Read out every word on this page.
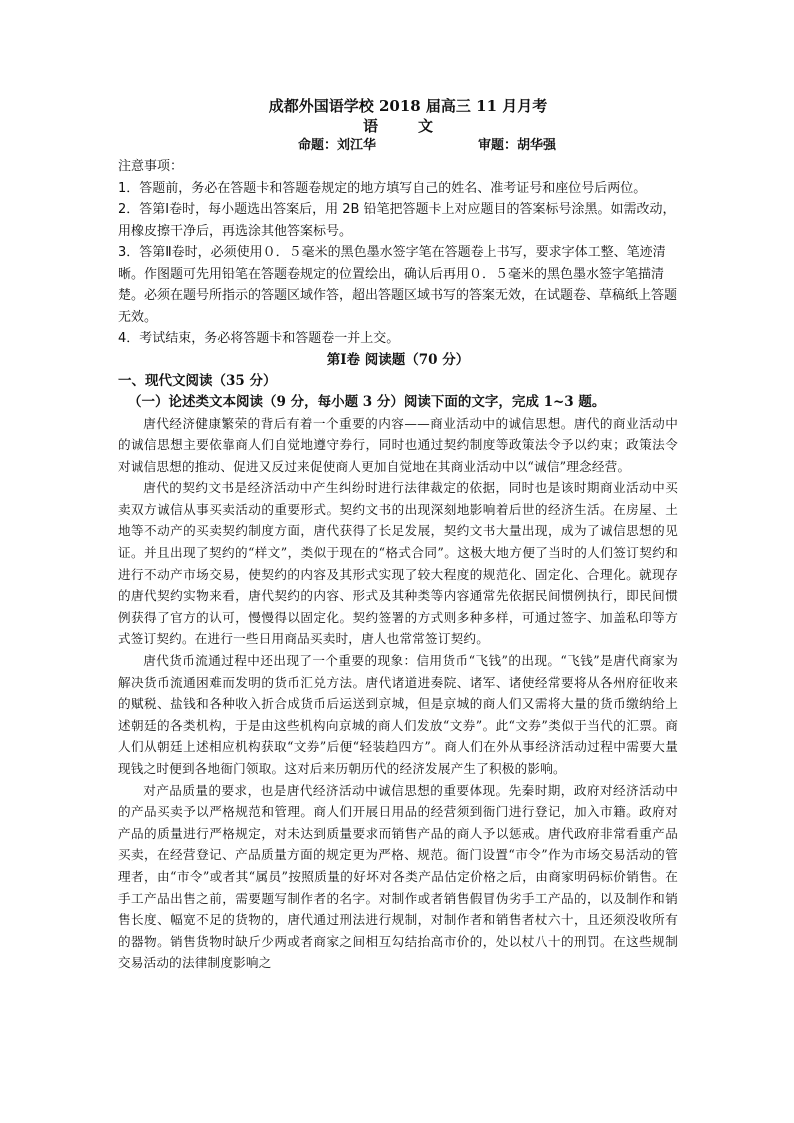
成都外国语学校 2018 届高三 11 月月考
语	文
命题：刘江华	审题：胡华强

注意事项：

1．答题前，务必在答题卡和答题卷规定的地方填写自己的姓名、准考证号和座位号后两位。

2．答第Ⅰ卷时，每小题选出答案后，用 2B 铅笔把答题卡上对应题目的答案标号涂黑。如需改动，用橡皮擦干净后，再选涂其他答案标号。

3．答第Ⅱ卷时，必须使用０．５毫米的黑色墨水签字笔在答题卷上书写，要求字体工整、笔迹清晰。作图题可先用铅笔在答题卷规定的位置绘出，确认后再用０．５毫米的黑色墨水签字笔描清楚。必须在题号所指示的答题区域作答，超出答题区域书写的答案无效，在试题卷、草稿纸上答题无效。

4．考试结束，务必将答题卡和答题卷一并上交。

第Ⅰ卷 阅读题（70 分）
一、现代文阅读（35 分）
（一）论述类文本阅读（9 分，每小题 3 分）阅读下面的文字，完成 1~3 题。

唐代经济健康繁荣的背后有着一个重要的内容——商业活动中的诚信思想。唐代的商业活动中的诚信思想主要依靠商人们自觉地遵守券行，同时也通过契约制度等政策法令予以约束；政策法令对诚信思想的推动、促进又反过来促使商人更加自觉地在其商业活动中以“诚信”理念经营。

唐代的契约文书是经济活动中产生纠纷时进行法律裁定的依据，同时也是该时期商业活动中买卖双方诚信从事买卖活动的重要形式。契约文书的出现深刻地影响着后世的经济生活。在房屋、土地等不动产的买卖契约制度方面，唐代获得了长足发展，契约文书大量出现，成为了诚信思想的见证。并且出现了契约的“样文”，类似于现在的“格式合同”。这极大地方便了当时的人们签订契约和进行不动产市场交易，使契约的内容及其形式实现了较大程度的规范化、固定化、合理化。就现存的唐代契约实物来看，唐代契约的内容、形式及其种类等内容通常先依据民间惯例执行，即民间惯例获得了官方的认可，慢慢得以固定化。契约签署的方式则多种多样，可通过签字、加盖私印等方式签订契约。在进行一些日用商品买卖时，唐人也常常签订契约。

唐代货币流通过程中还出现了一个重要的现象：信用货币“飞钱”的出现。“飞钱”是唐代商家为解决货币流通困难而发明的货币汇兑方法。唐代诸道进奏院、诸军、诸使经常要将从各州府征收来的赋税、盐钱和各种收入折合成货币后运送到京城，但是京城的商人们又需将大量的货币缴纳给上述朝廷的各类机构，于是由这些机构向京城的商人们发放“文券”。此“文券”类似于当代的汇票。商人们从朝廷上述相应机构获取“文券”后便“轻装趋四方”。商人们在外从事经济活动过程中需要大量现钱之时便到各地衙门领取。这对后来历朝历代的经济发展产生了积极的影响。

对产品质量的要求，也是唐代经济活动中诚信思想的重要体现。先秦时期，政府对经济活动中的产品买卖予以严格规范和管理。商人们开展日用品的经营须到衙门进行登记，加入市籍。政府对产品的质量进行严格规定，对未达到质量要求而销售产品的商人予以惩戒。唐代政府非常看重产品买卖，在经营登记、产品质量方面的规定更为严格、规范。衙门设置“市令”作为市场交易活动的管理者，由“市令”或者其“属员”按照质量的好坏对各类产品估定价格之后，由商家明码标价销售。在手工产品出售之前，需要题写制作者的名字。对制作或者销售假冒伪劣手工产品的，以及制作和销售长度、幅宽不足的货物的，唐代通过刑法进行规制，对制作者和销售者杖六十，且还须没收所有的器物。销售货物时缺斤少两或者商家之间相互勾结抬高市价的，处以杖八十的刑罚。在这些规制交易活动的法律制度影响之
